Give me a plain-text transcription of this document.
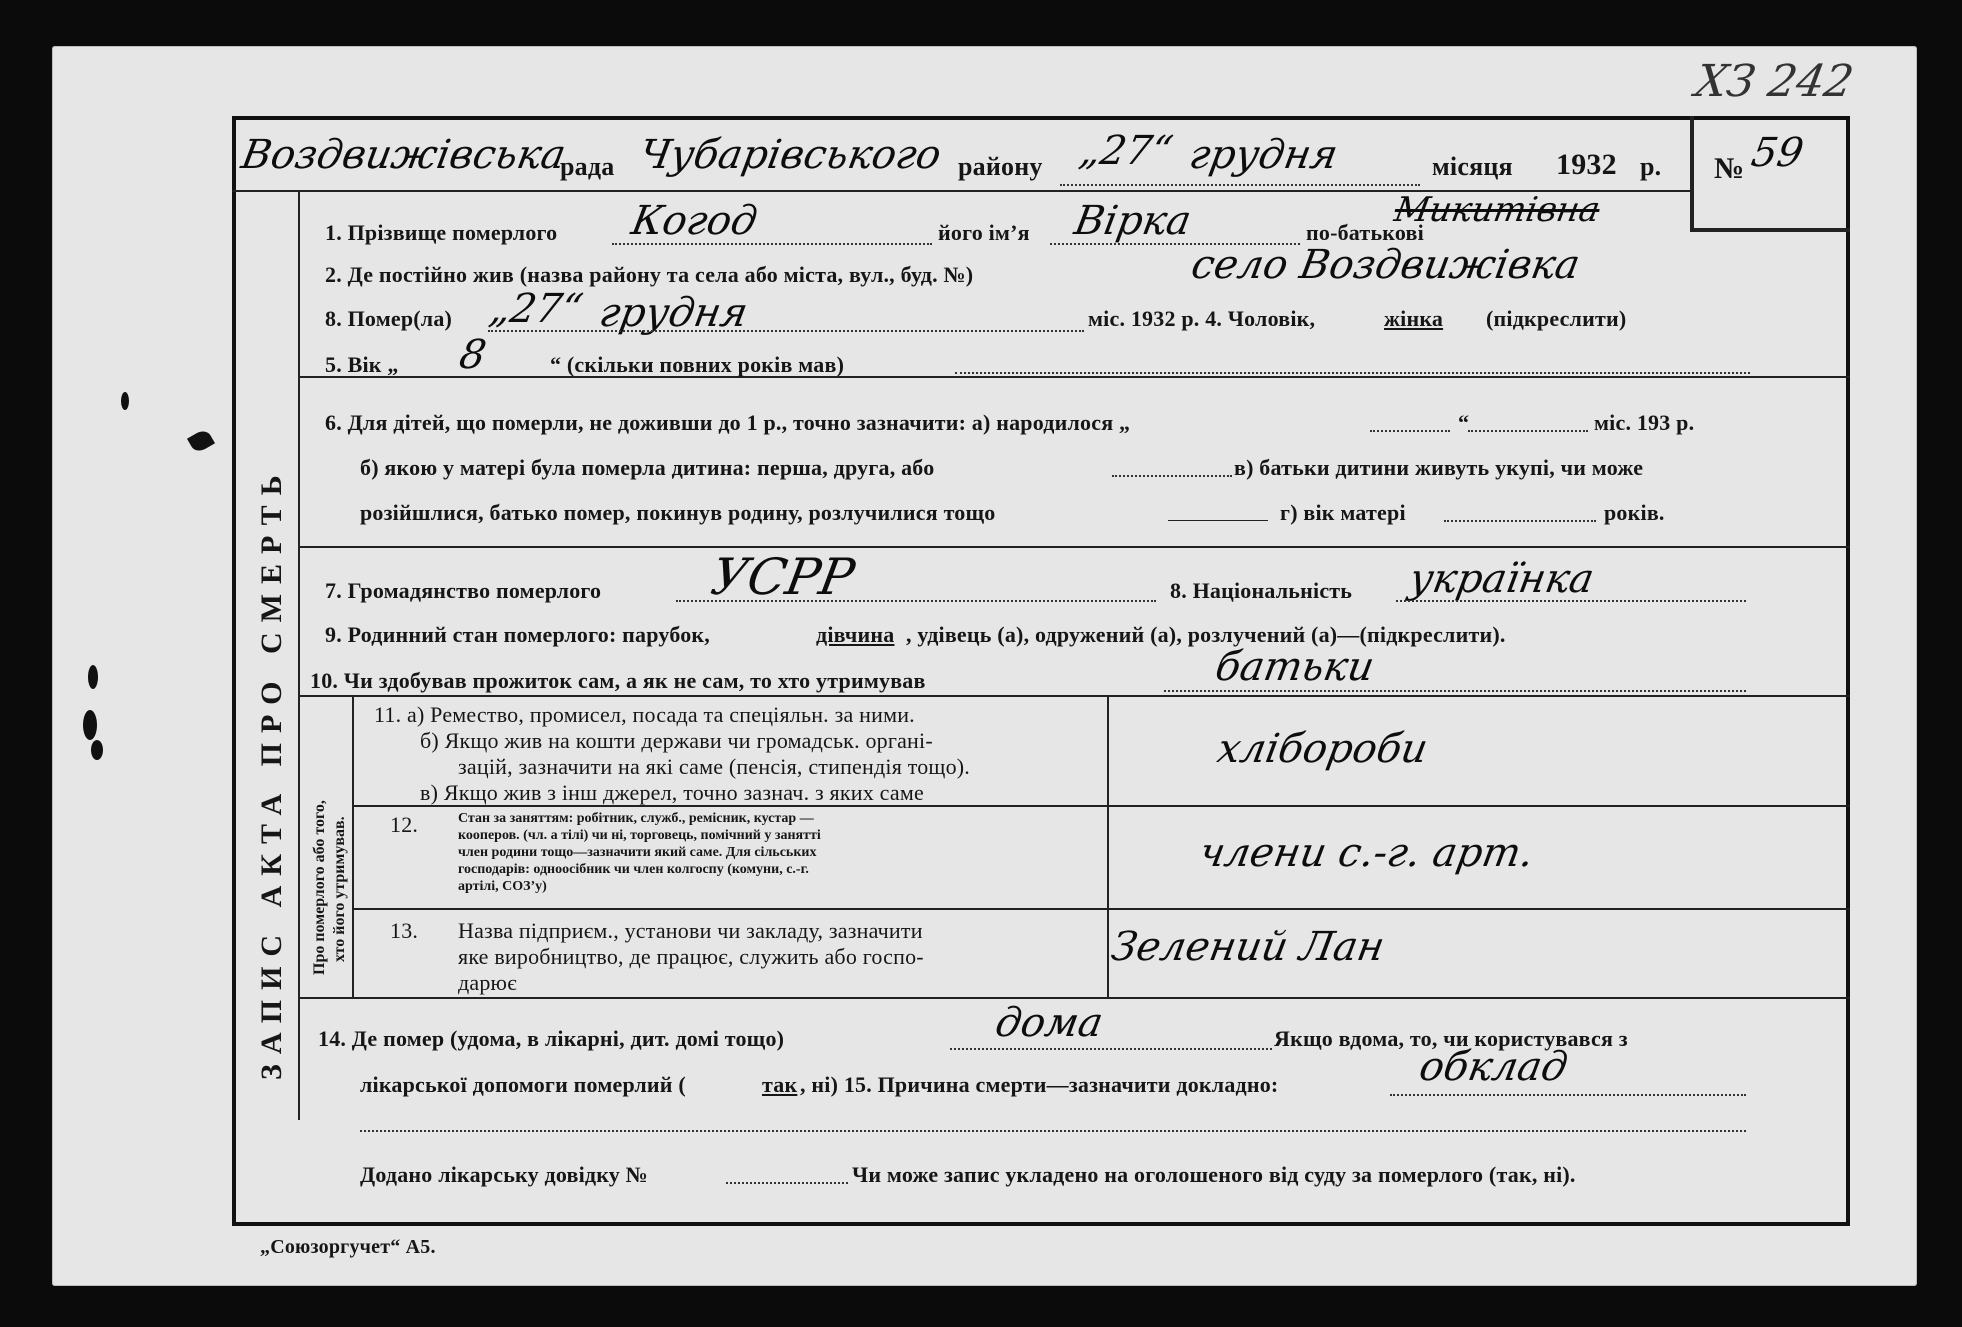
ХЗ 242
ЗАПИС АКТА ПРО СМЕРТЬ Про померлого або того, хто його утримував.
Воздвижівська
рада Чубарівського району „27“ грудня	місяця 1932 р. № 59
1. Прізвище померлого Когод	його ім’я Вірка	по-батькові
Микитівна
2. Де постійно жив (назва району та села або міста, вул., буд. №)	село Воздвижівка
8. Помер(ла) „27“ грудня	міс. 1932 р. 4. Чоловік,	жінка (підкреслити)
5. Вік „ 8	“ (скільки повних років мав)
6. Для дітей, що померли, не доживши до 1 р., точно зазначити: а) народилося „	“	міс. 193 р.
б) якою у матері була померла дитина: перша, друга, або	в) батьки дитини живуть укупі, чи може
розійшлися, батько помер, покинув родину, розлучилися тощо	г) вік матері	років.
7. Громадянство померлого УСРР	8. Національність українка
9. Родинний стан померлого: парубок,	дівчина , удівець (а), одружений (а), розлучений (а)—(підкреслити).
10. Чи здобував прожиток сам, а як не сам, то хто утримував	батьки
11. а) Ремество, промисел, посада та спеціяльн. за ними.
б) Якщо жив на кошти держави чи громадськ. органі-
зацій, зазначити на які саме (пенсія, стипендія тощо).
в) Якщо жив з інш джерел, точно зазнач. з яких саме
хлібороби
12.	Стан за заняттям: робітник, служб., ремісник, кустар —
кооперов. (чл. а тілі) чи ні, торговець, помічний у занятті
член родини тощо—зазначити який саме. Для сільських
господарів: одноосібник чи член колгоспу (комуни, с.-г.
артілі, СОЗ’у)
члени с.-г. арт.
13. Назва підприєм., установи чи закладу, зазначити
яке виробництво, де працює, служить або госпо-
дарює
Зелений Лан
14. Де помер (удома, в лікарні, дит. домі тощо)	дома	Якщо вдома, то, чи користувався з
лікарської допомоги померлий (	так , ні) 15. Причина смерти—зазначити докладно:	обклад
Додано лікарську довідку №	Чи може запис укладено на оголошеного від суду за померлого (так, ні).
„Союзоргучет“ А5.
